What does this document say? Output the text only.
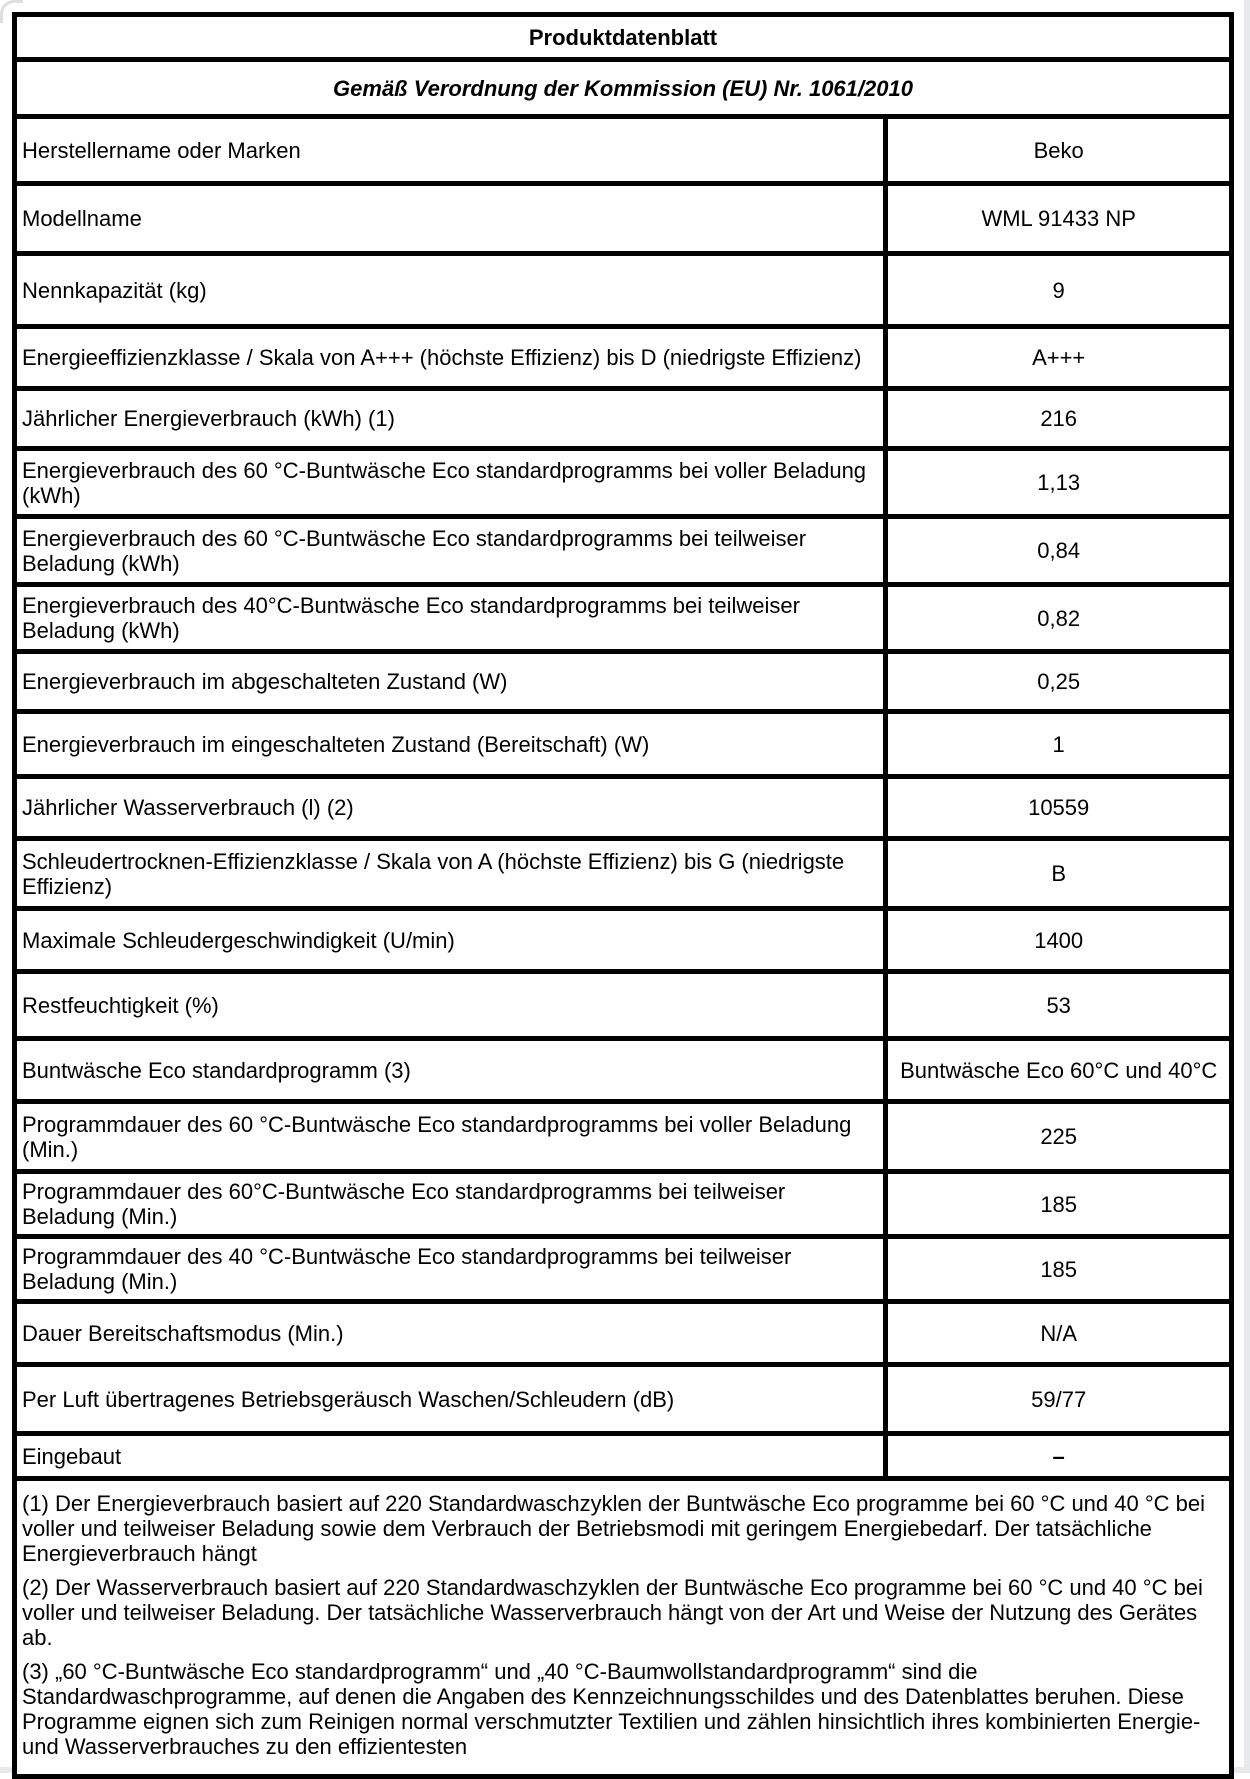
Produktdatenblatt	
Gemäß Verordnung der Kommission (EU) Nr. 1061/2010	
Herstellername oder Marken	Beko
Modellname	WML 91433 NP
Nennkapazität (kg)	9
Energieeffizienzklasse / Skala von A+++ (höchste Effizienz) bis D (niedrigste Effizienz)	A+++
Jährlicher Energieverbrauch (kWh) (1)	216
Energieverbrauch des 60 °C-Buntwäsche Eco standardprogramms bei voller Beladung (kWh)	1,13
Energieverbrauch des 60 °C-Buntwäsche Eco standardprogramms bei teilweiser Beladung (kWh)	0,84
Energieverbrauch des 40°C-Buntwäsche Eco standardprogramms bei teilweiser Beladung (kWh)	0,82
Energieverbrauch im abgeschalteten Zustand (W)	0,25
Energieverbrauch im eingeschalteten Zustand (Bereitschaft) (W)	1
Jährlicher Wasserverbrauch (l) (2)	10559
Schleudertrocknen-Effizienzklasse / Skala von A (höchste Effizienz) bis G (niedrigste Effizienz)	B
Maximale Schleudergeschwindigkeit (U/min)	1400
Restfeuchtigkeit (%)	53
Buntwäsche Eco standardprogramm (3)	Buntwäsche Eco 60°C und 40°C
Programmdauer des 60 °C-Buntwäsche Eco standardprogramms bei voller Beladung (Min.)	225
Programmdauer des 60°C-Buntwäsche Eco standardprogramms bei teilweiser Beladung (Min.)	185
Programmdauer des 40 °C-Buntwäsche Eco standardprogramms bei teilweiser Beladung (Min.)	185
Dauer Bereitschaftsmodus (Min.)	N/A
Per Luft übertragenes Betriebsgeräusch Waschen/Schleudern (dB)	59/77
Eingebaut	–

(1) Der Energieverbrauch basiert auf 220 Standardwaschzyklen der Buntwäsche Eco programme bei 60 °C und 40 °C bei voller und teilweiser Beladung sowie dem Verbrauch der Betriebsmodi mit geringem Energiebedarf. Der tatsächliche Energieverbrauch hängt

(2) Der Wasserverbrauch basiert auf 220 Standardwaschzyklen der Buntwäsche Eco programme bei 60 °C und 40 °C bei voller und teilweiser Beladung. Der tatsächliche Wasserverbrauch hängt von der Art und Weise der Nutzung des Gerätes ab.

(3) „60 °C-Buntwäsche Eco standardprogramm“ und „40 °C-Baumwollstandardprogramm“ sind die Standardwaschprogramme, auf denen die Angaben des Kennzeichnungsschildes und des Datenblattes beruhen. Diese Programme eignen sich zum Reinigen normal verschmutzter Textilien und zählen hinsichtlich ihres kombinierten Energie- und Wasserverbrauches zu den effizientesten	
